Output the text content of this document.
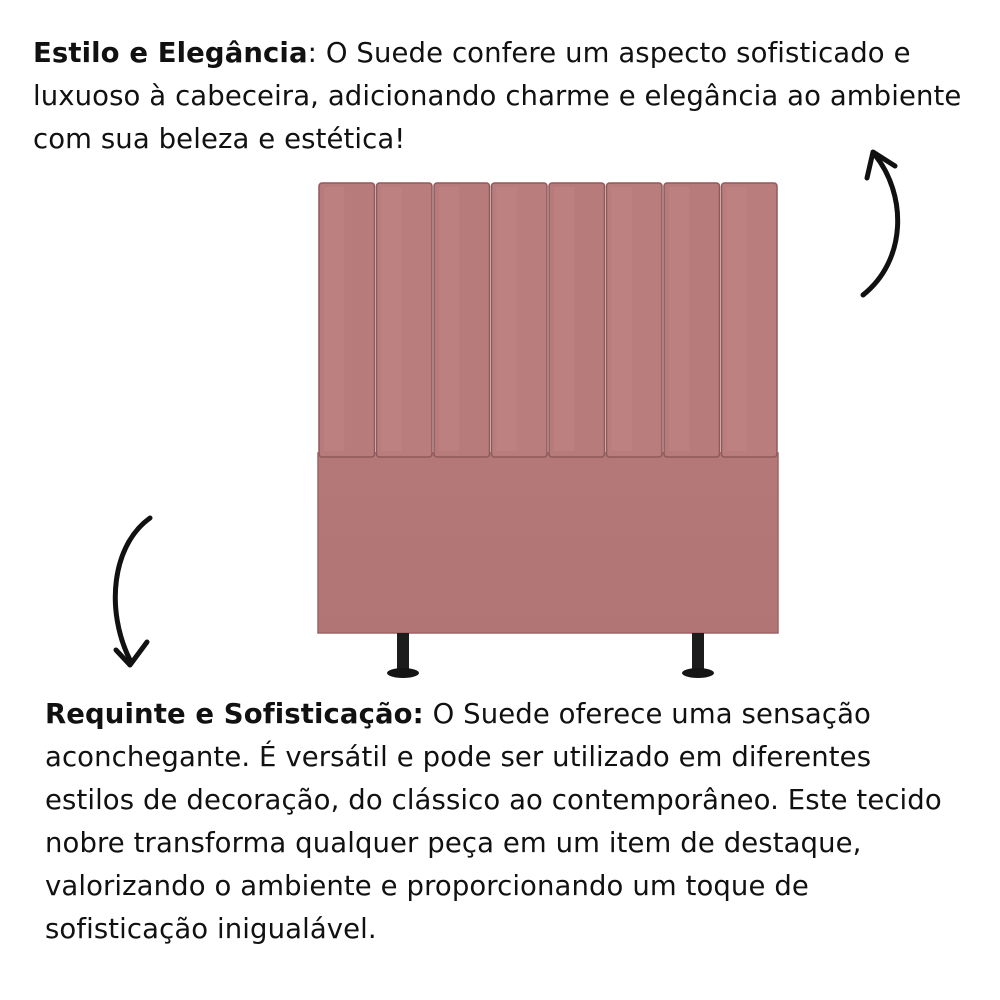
Estilo e Elegância: O Suede confere um aspecto sofisticado e luxuoso à cabeceira, adicionando charme e elegância ao ambiente com sua beleza e estética!
Requinte e Sofisticação: O Suede oferece uma sensação aconchegante. É versátil e pode ser utilizado em diferentes estilos de decoração, do clássico ao contemporâneo. Este tecido nobre transforma qualquer peça em um item de destaque, valorizando o ambiente e proporcionando um toque de sofisticação inigualável.
